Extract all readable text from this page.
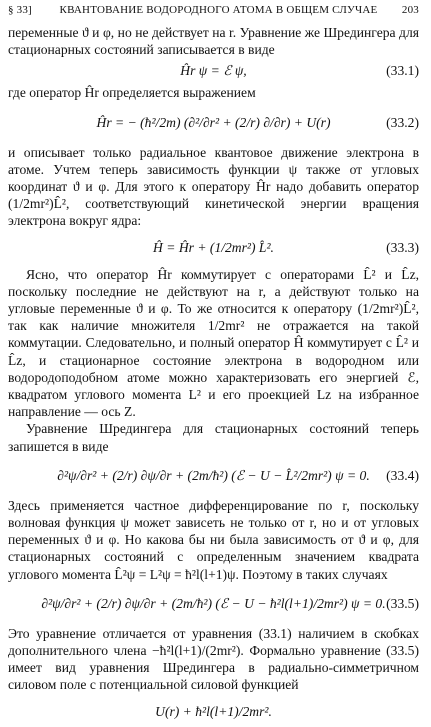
§ 33]	КВАНТОВАНИЕ ВОДОРОДНОГО АТОМА В ОБЩЕМ СЛУЧАЕ	203

переменные ϑ и φ, но не действует на r. Уравнение же Шредингера для стационарных состояний записывается в виде

Ĥr ψ = ℰ ψ,	(33.1)

где оператор Ĥr определяется выражением

Ĥr = − (ħ²/2m) (∂²/∂r² + (2/r) ∂/∂r) + U(r)	(33.2)

и описывает только радиальное квантовое движение электрона в атоме. Учтем теперь зависимость функции ψ также от угловых координат ϑ и φ. Для этого к оператору Ĥr надо добавить оператор (1/2mr²)L̂², соответствующий кинетической энергии вращения электрона вокруг ядра:

Ĥ = Ĥr + (1/2mr²) L̂².	(33.3)

Ясно, что оператор Ĥr коммутирует с операторами L̂² и L̂z, поскольку последние не действуют на r, а действуют только на угловые переменные ϑ и φ. То же относится к оператору (1/2mr²)L̂², так как наличие множителя 1/2mr² не отражается на такой коммутации. Следовательно, и полный оператор Ĥ коммутирует с L̂² и L̂z, и стационарное состояние электрона в водородном или водородоподобном атоме можно характеризовать его энергией ℰ, квадратом углового момента L² и его проекцией Lz на избранное направление — ось Z.

Уравнение Шредингера для стационарных состояний теперь запишется в виде

∂²ψ/∂r² + (2/r) ∂ψ/∂r + (2m/ħ²) (ℰ − U − L̂²/2mr²) ψ = 0. (33.4)

Здесь применяется частное дифференцирование по r, поскольку волновая функция ψ может зависеть не только от r, но и от угловых переменных ϑ и φ. Но какова бы ни была зависимость от ϑ и φ, для стационарных состояний с определенным значением квадрата углового момента L̂²ψ = L²ψ = ħ²l(l+1)ψ. Поэтому в таких случаях

∂²ψ/∂r² + (2/r) ∂ψ/∂r + (2m/ħ²) (ℰ − U − ħ²l(l+1)/2mr²) ψ = 0. (33.5)

Это уравнение отличается от уравнения (33.1) наличием в скобках дополнительного члена −ħ²l(l+1)/(2mr²). Формально уравнение (33.5) имеет вид уравнения Шредингера в радиально-симметричном силовом поле с потенциальной силовой функцией

U(r) + ħ²l(l+1)/2mr².
